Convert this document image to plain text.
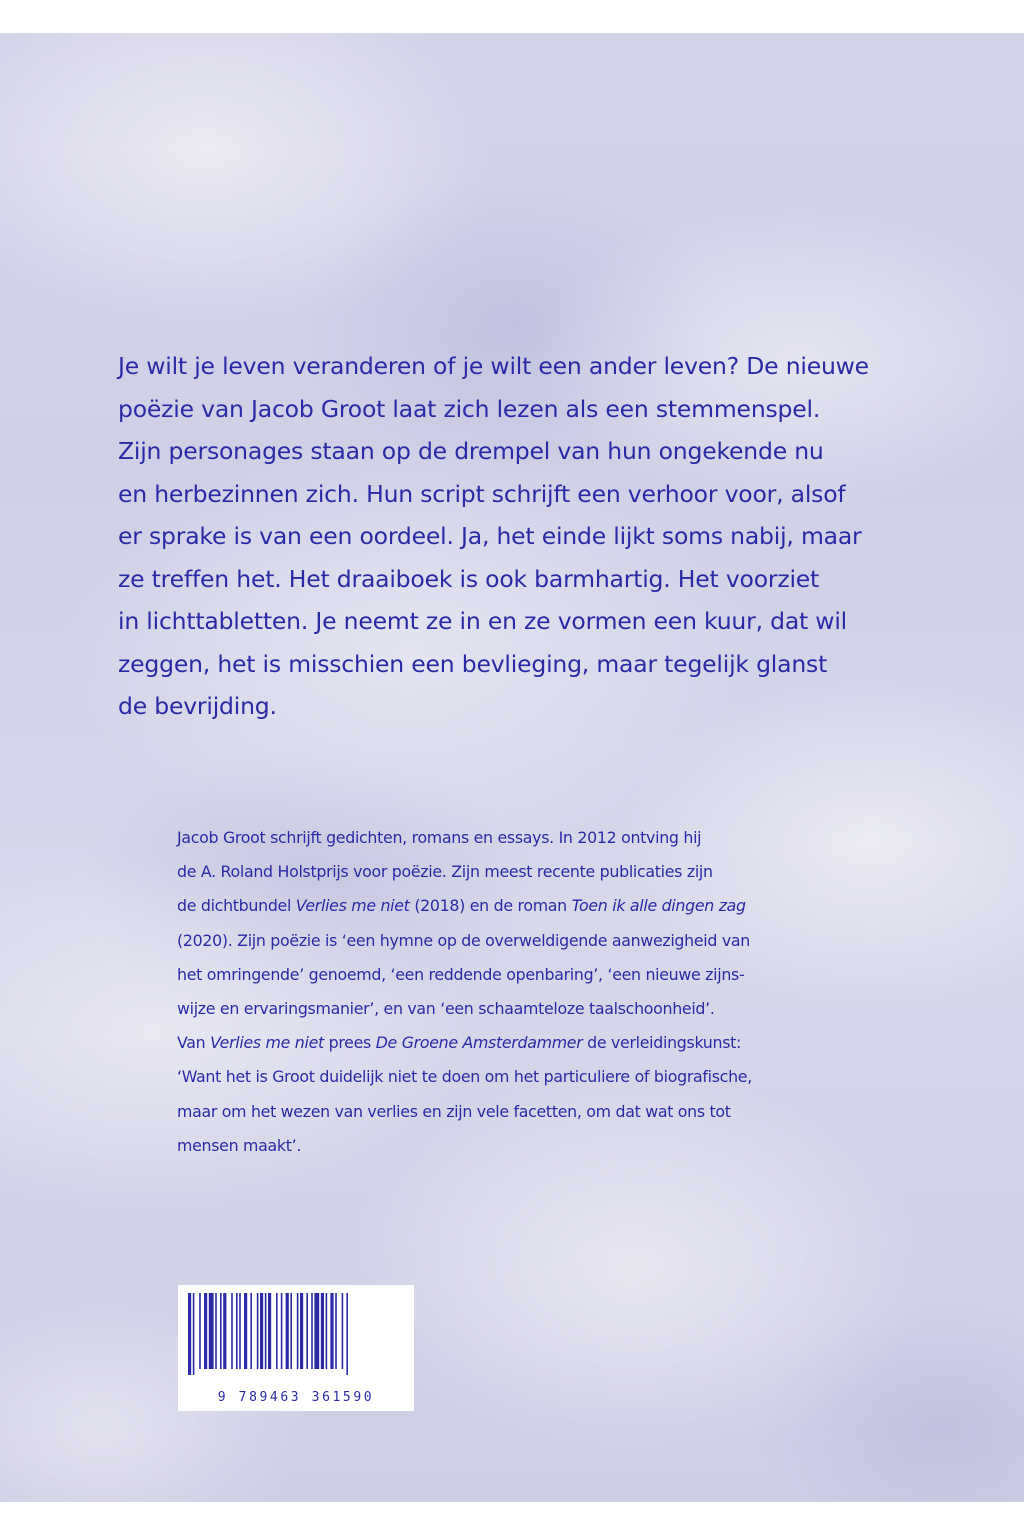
Je wilt je leven veranderen of je wilt een ander leven? De nieuwe
poëzie van Jacob Groot laat zich lezen als een stemmenspel.
Zijn personages staan op de drempel van hun ongekende nu
en herbezinnen zich. Hun script schrijft een verhoor voor, alsof
er sprake is van een oordeel. Ja, het einde lijkt soms nabij, maar
ze treffen het. Het draaiboek is ook barmhartig. Het voorziet
in lichttabletten. Je neemt ze in en ze vormen een kuur, dat wil
zeggen, het is misschien een bevlieging, maar tegelijk glanst
de bevrijding.

Jacob Groot schrijft gedichten, romans en essays. In 2012 ontving hij
de A. Roland Holstprijs voor poëzie. Zijn meest recente publicaties zijn
de dichtbundel Verlies me niet (2018) en de roman Toen ik alle dingen zag
(2020). Zijn poëzie is ‘een hymne op de overweldigende aanwezigheid van
het omringende’ genoemd, ‘een reddende openbaring’, ‘een nieuwe zijns-
wijze en ervaringsmanier’, en van ‘een schaamteloze taalschoonheid’.
Van Verlies me niet prees De Groene Amsterdammer de verleidingskunst:
‘Want het is Groot duidelijk niet te doen om het particuliere of biografische,
maar om het wezen van verlies en zijn vele facetten, om dat wat ons tot
mensen maakt’.

9 789463 361590
